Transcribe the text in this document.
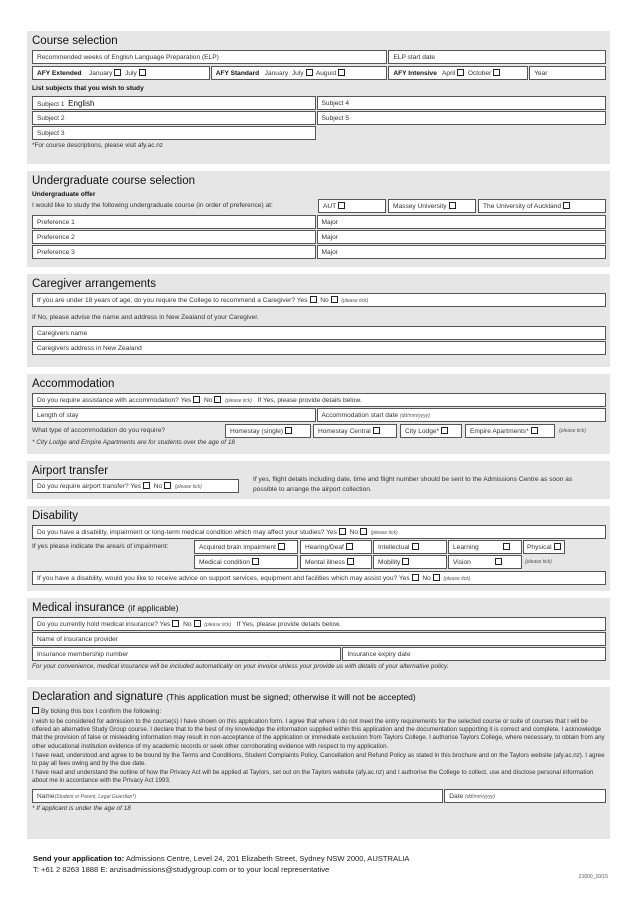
Course selection
Recommended weeks of English Language Preparation (ELP)	ELP start date
AFY Extended January July	AFY Standard January July August	AFY Intensive April October	Year
List subjects that you wish to study
Subject 1 English	Subject 4
Subject 2	Subject 5
Subject 3
*For course descriptions, please visit afy.ac.nz
Undergraduate course selection
Undergraduate offer
I would like to study the following undergraduate course (in order of preference) at:	AUT	Massey University	The University of Auckland
Preference 1	Major
Preference 2	Major
Preference 3	Major
Caregiver arrangements
If you are under 18 years of age, do you require the College to recommend a Caregiver? Yes No	(please tick)
If No, please advise the name and address in New Zealand of your Caregiver.
Caregivers name
Caregivers address in New Zealand
Accommodation
Do you require assistance with accommodation? Yes No	(please tick) If Yes, please provide details below.
Length of stay	Accommodation start date (dd/mm/yyyy)
What type of accommodation do you require?	Homestay (single)	Homestay Central	City Lodge*	Empire Apartments*	(please tick)
* City Lodge and Empire Apartments are for students over the age of 18
Airport transfer
Do you require airport transfer? Yes No	(please tick)
If yes, flight details including date, time and flight number should be sent to the Admissions Centre as soon as possible to arrange the airport collection.
Disability
Do you have a disability, impairment or long-term medical condition which may affect your studies? Yes No	(please tick)
If yes please indicate the area/s of impairment:	Acquired brain impairment	Hearing/Deaf	Intellectual	Learning	Physical
Medical condition	Mental illness	Mobility	Vision	(please tick)
If you have a disability, would you like to receive advice on support services, equipment and facilities which may assist you? Yes No	(please tick)
Medical insurance (if applicable)
Do you currently hold medical insurance? Yes No	(please tick) If Yes, please provide details below.
Name of insurance provider
Insurance membership number	Insurance expiry date
For your convenience, medical insurance will be included automatically on your invoice unless your provide us with details of your alternative policy.
Declaration and signature (This application must be signed; otherwise it will not be accepted)
By ticking this box I confirm the following:
I wish to be considered for admission to the course(s) I have shown on this application form. I agree that where I do not meet the entry requirements for the selected course or suite of courses that I will be offered an alternative Study Group course. I declare that to the best of my knowledge the information supplied within this application and the documentation supporting it is correct and complete. I acknowledge that the provision of false or misleading information may result in non-acceptance of the application or immediate exclusion from Taylors College. I authorise Taylors College, where necessary, to obtain from any other educational institution evidence of my academic records or seek other corroborating evidence with respect to my application.
I have read, understood and agree to be bound by the Terms and Conditions, Student Complaints Policy, Cancellation and Refund Policy as stated in this brochure and on the Taylors website (afy.ac.nz). I agree to pay all fees owing and by the due date.
I have read and understand the outline of how the Privacy Act will be applied at Taylors, set out on the Taylors website (afy.ac.nz) and I authorise the College to collect, use and disclose personal information about me in accordance with the Privacy Act 1993.
Name(Student or Parent, Legal Guardian*)	Date (dd/mm/yyyy)
* If applicant is under the age of 18
Send your application to: Admissions Centre, Level 24, 201 Elizabeth Street, Sydney NSW 2000, AUSTRALIA
T: +61 2 8263 1888 E: anzisadmissions@studygroup.com or to your local representative
21600_10/15
